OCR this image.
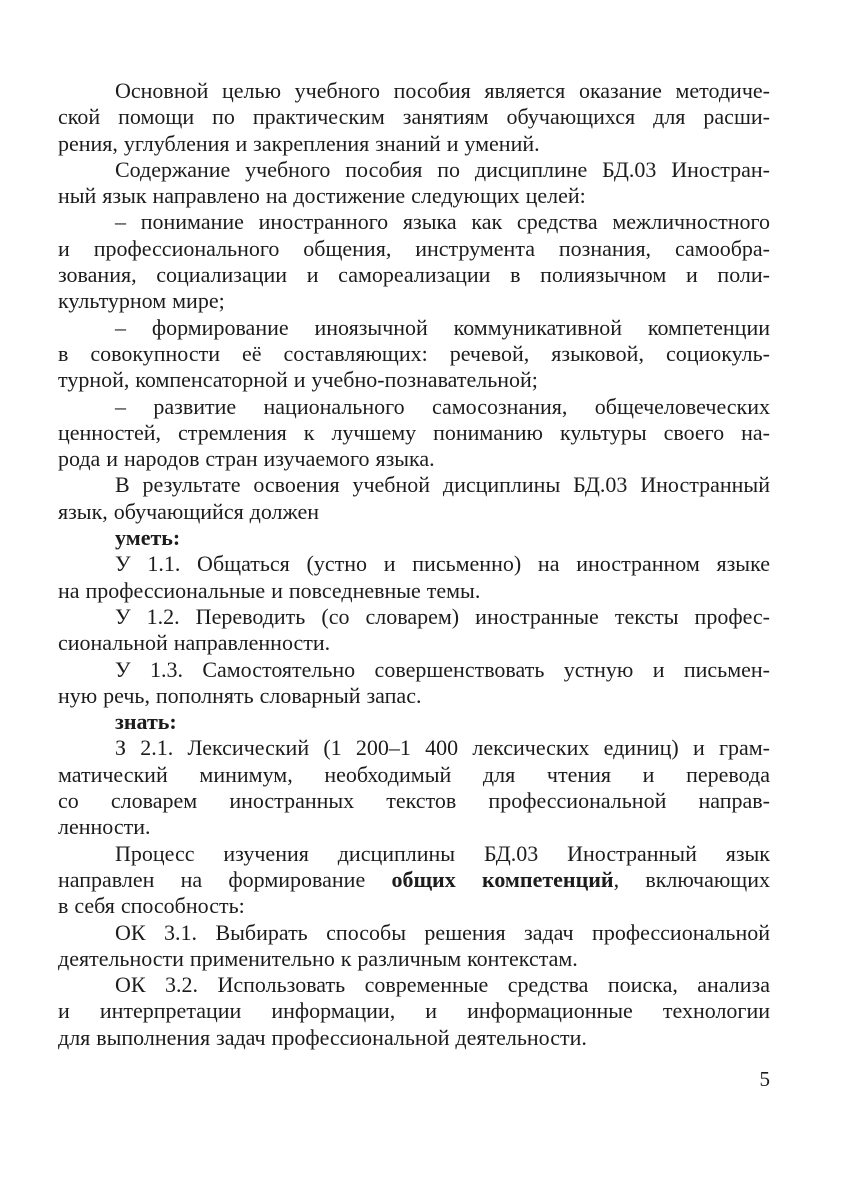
Основной целью учебного пособия является оказание методиче-
ской помощи по практическим занятиям обучающихся для расши-
рения, углубления и закрепления знаний и умений.
Содержание учебного пособия по дисциплине БД.03 Иностран-
ный язык направлено на достижение следующих целей:
– понимание иностранного языка как средства межличностного
и профессионального общения, инструмента познания, самообра-
зования, социализации и самореализации в полиязычном и поли-
культурном мире;
– формирование иноязычной коммуникативной компетенции
в совокупности её составляющих: речевой, языковой, социокуль-
турной, компенсаторной и учебно-познавательной;
– развитие национального самосознания, общечеловеческих
ценностей, стремления к лучшему пониманию культуры своего на-
рода и народов стран изучаемого языка.
В результате освоения учебной дисциплины БД.03 Иностранный
язык, обучающийся должен
уметь:
У 1.1. Общаться (устно и письменно) на иностранном языке
на профессиональные и повседневные темы.
У 1.2. Переводить (со словарем) иностранные тексты профес-
сиональной направленности.
У 1.3. Самостоятельно совершенствовать устную и письмен-
ную речь, пополнять словарный запас.
знать:
З 2.1. Лексический (1 200–1 400 лексических единиц) и грам-
матический минимум, необходимый для чтения и перевода
со словарем иностранных текстов профессиональной направ-
ленности.
Процесс изучения дисциплины БД.03 Иностранный язык
направлен на формирование общих компетенций, включающих
в себя способность:
ОК 3.1. Выбирать способы решения задач профессиональной
деятельности применительно к различным контекстам.
ОК 3.2. Использовать современные средства поиска, анализа
и интерпретации информации, и информационные технологии
для выполнения задач профессиональной деятельности.
5
